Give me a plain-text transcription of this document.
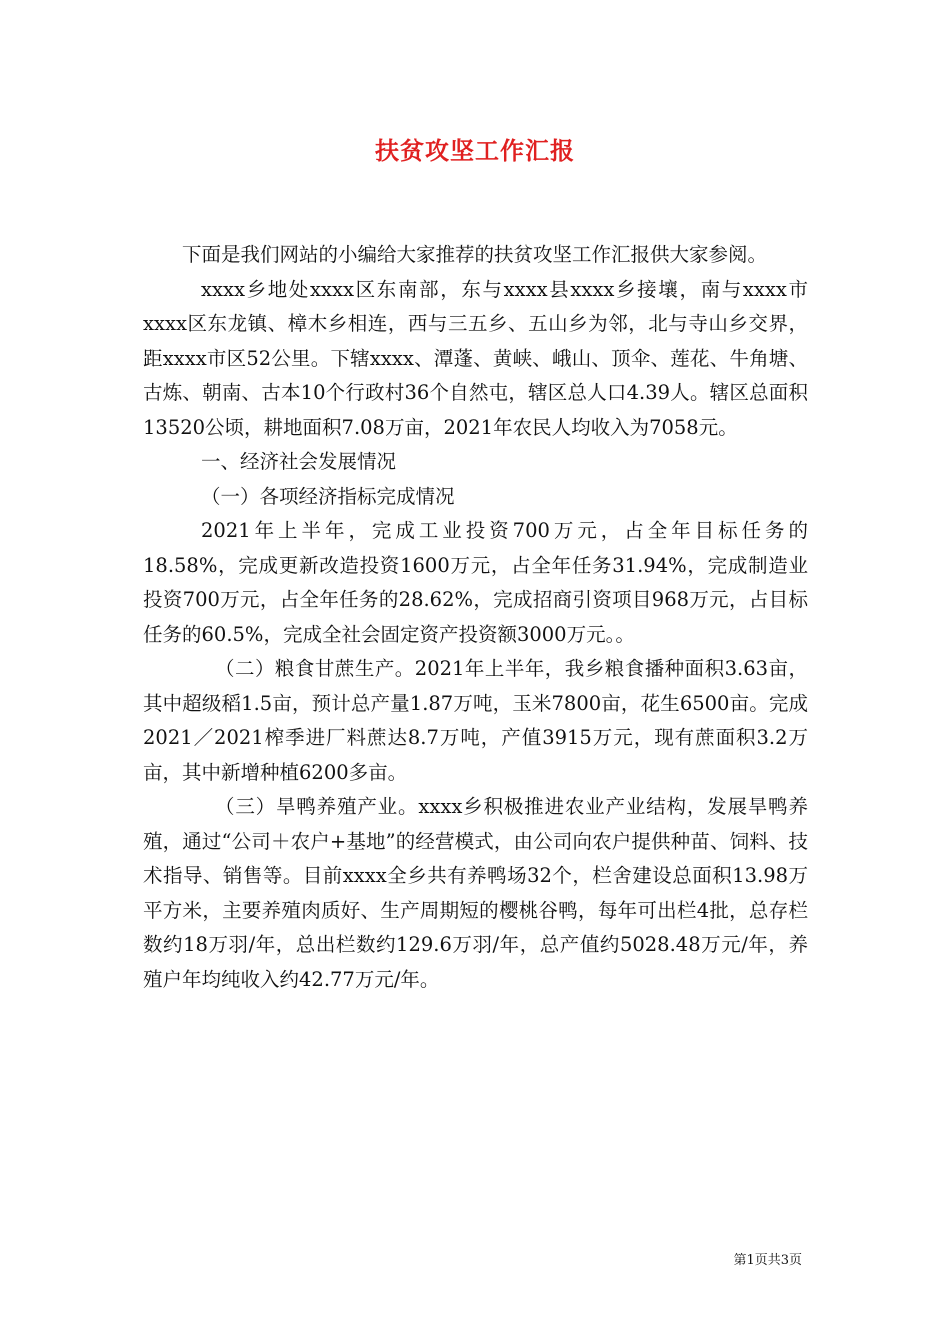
扶贫攻坚工作汇报

下面是我们网站的小编给大家推荐的扶贫攻坚工作汇报供大家参阅。

xxxx乡地处xxxx区东南部，东与xxxx县xxxx乡接壤，南与xxxx市xxxx区东龙镇、樟木乡相连，西与三五乡、五山乡为邻，北与寺山乡交界，距xxxx市区52公里。下辖xxxx、潭蓬、黄峡、峨山、顶伞、莲花、牛角塘、古炼、朝南、古本10个行政村36个自然屯，辖区总人口4.39人。辖区总面积13520公顷，耕地面积7.08万亩，2021年农民人均收入为7058元。

一、经济社会发展情况

（一）各项经济指标完成情况

2021年上半年，完成工业投资700万元，占全年目标任务的18.58%，完成更新改造投资1600万元，占全年任务31.94%，完成制造业投资700万元，占全年任务的28.62%，完成招商引资项目968万元，占目标任务的60.5%，完成全社会固定资产投资额3000万元。。

（二）粮食甘蔗生产。2021年上半年，我乡粮食播种面积3.63亩，其中超级稻1.5亩，预计总产量1.87万吨，玉米7800亩，花生6500亩。完成2021／2021榨季进厂料蔗达8.7万吨，产值3915万元，现有蔗面积3.2万亩，其中新增种植6200多亩。

（三）旱鸭养殖产业。xxxx乡积极推进农业产业结构，发展旱鸭养殖，通过“公司＋农户+基地”的经营模式，由公司向农户提供种苗、饲料、技术指导、销售等。目前xxxx全乡共有养鸭场32个，栏舍建设总面积13.98万平方米，主要养殖肉质好、生产周期短的樱桃谷鸭，每年可出栏4批，总存栏数约18万羽/年，总出栏数约129.6万羽/年，总产值约5028.48万元/年，养殖户年均纯收入约42.77万元/年。

第1页共3页
